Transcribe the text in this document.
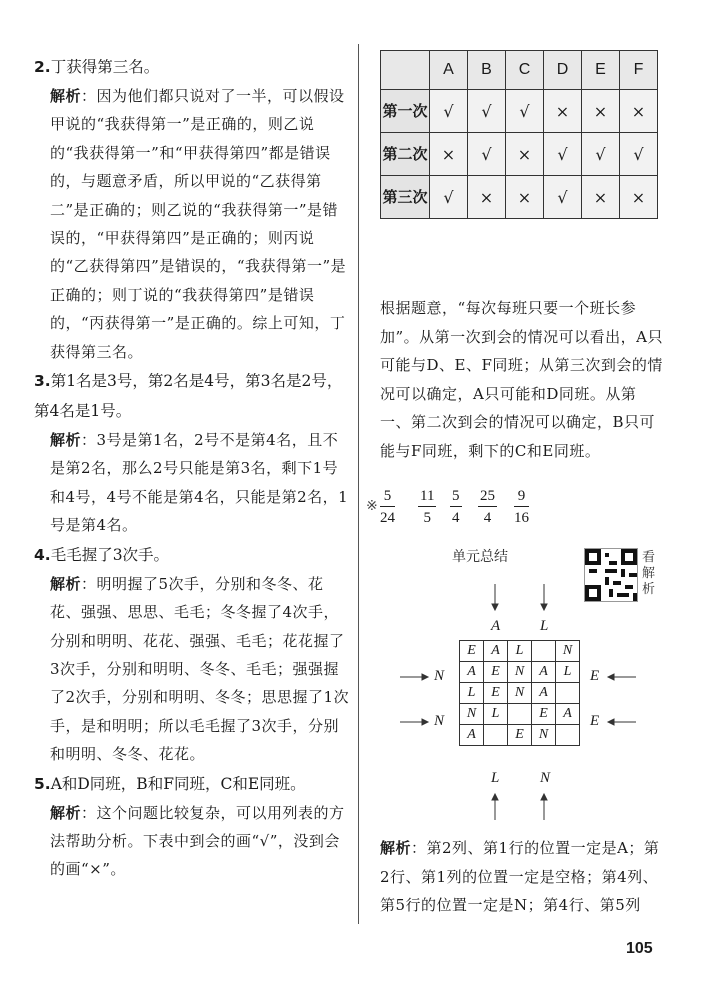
2.丁获得第三名。

解析：因为他们都只说对了一半，可以假设甲说的“我获得第一”是正确的，则乙说的“我获得第一”和“甲获得第四”都是错误的，与题意矛盾，所以甲说的“乙获得第二”是正确的；则乙说的“我获得第一”是错误的，“甲获得第四”是正确的；则丙说的“乙获得第四”是错误的，“我获得第一”是正确的；则丁说的“我获得第四”是错误的，“丙获得第一”是正确的。综上可知，丁获得第三名。

3.第1名是3号，第2名是4号，第3名是2号，第4名是1号。

解析：3号是第1名，2号不是第4名，且不是第2名，那么2号只能是第3名，剩下1号和4号，4号不能是第4名，只能是第2名，1号是第4名。

4.毛毛握了3次手。

解析：明明握了5次手，分别和冬冬、花花、强强、思思、毛毛；冬冬握了4次手，分别和明明、花花、强强、毛毛；花花握了3次手，分别和明明、冬冬、毛毛；强强握了2次手，分别和明明、冬冬；思思握了1次手，是和明明；所以毛毛握了3次手，分别和明明、冬冬、花花。

5.A和D同班，B和F同班，C和E同班。

解析：这个问题比较复杂，可以用列表的方法帮助分析。下表中到会的画“√”，没到会的画“×”。

	A	B	C	D	E	F
第一次	√	√	√	×	×	×
第二次	×	√	×	√	√	√
第三次	√	×	×	√	×	×

根据题意，“每次每班只要一个班长参加”。从第一次到会的情况可以看出，A只可能与D、E、F同班；从第三次到会的情况可以确定，A只可能和D同班。从第一、第二次到会的情况可以确定，B只可能与F同班，剩下的C和E同班。

※ $\frac{5}{24} \frac{11}{5} \frac{5}{4} \frac{25}{4} \frac{9}{16}$
单元总结	看解析
A	L
L	N
N
N
E
E
E	A	L		N
A	E	N	A	L
L	E	N	A	
N	L		E	A
A		E	N	

解析：第2列、第1行的位置一定是A；第2行、第1列的位置一定是空格；第4列、第5行的位置一定是N；第4行、第5列

105
